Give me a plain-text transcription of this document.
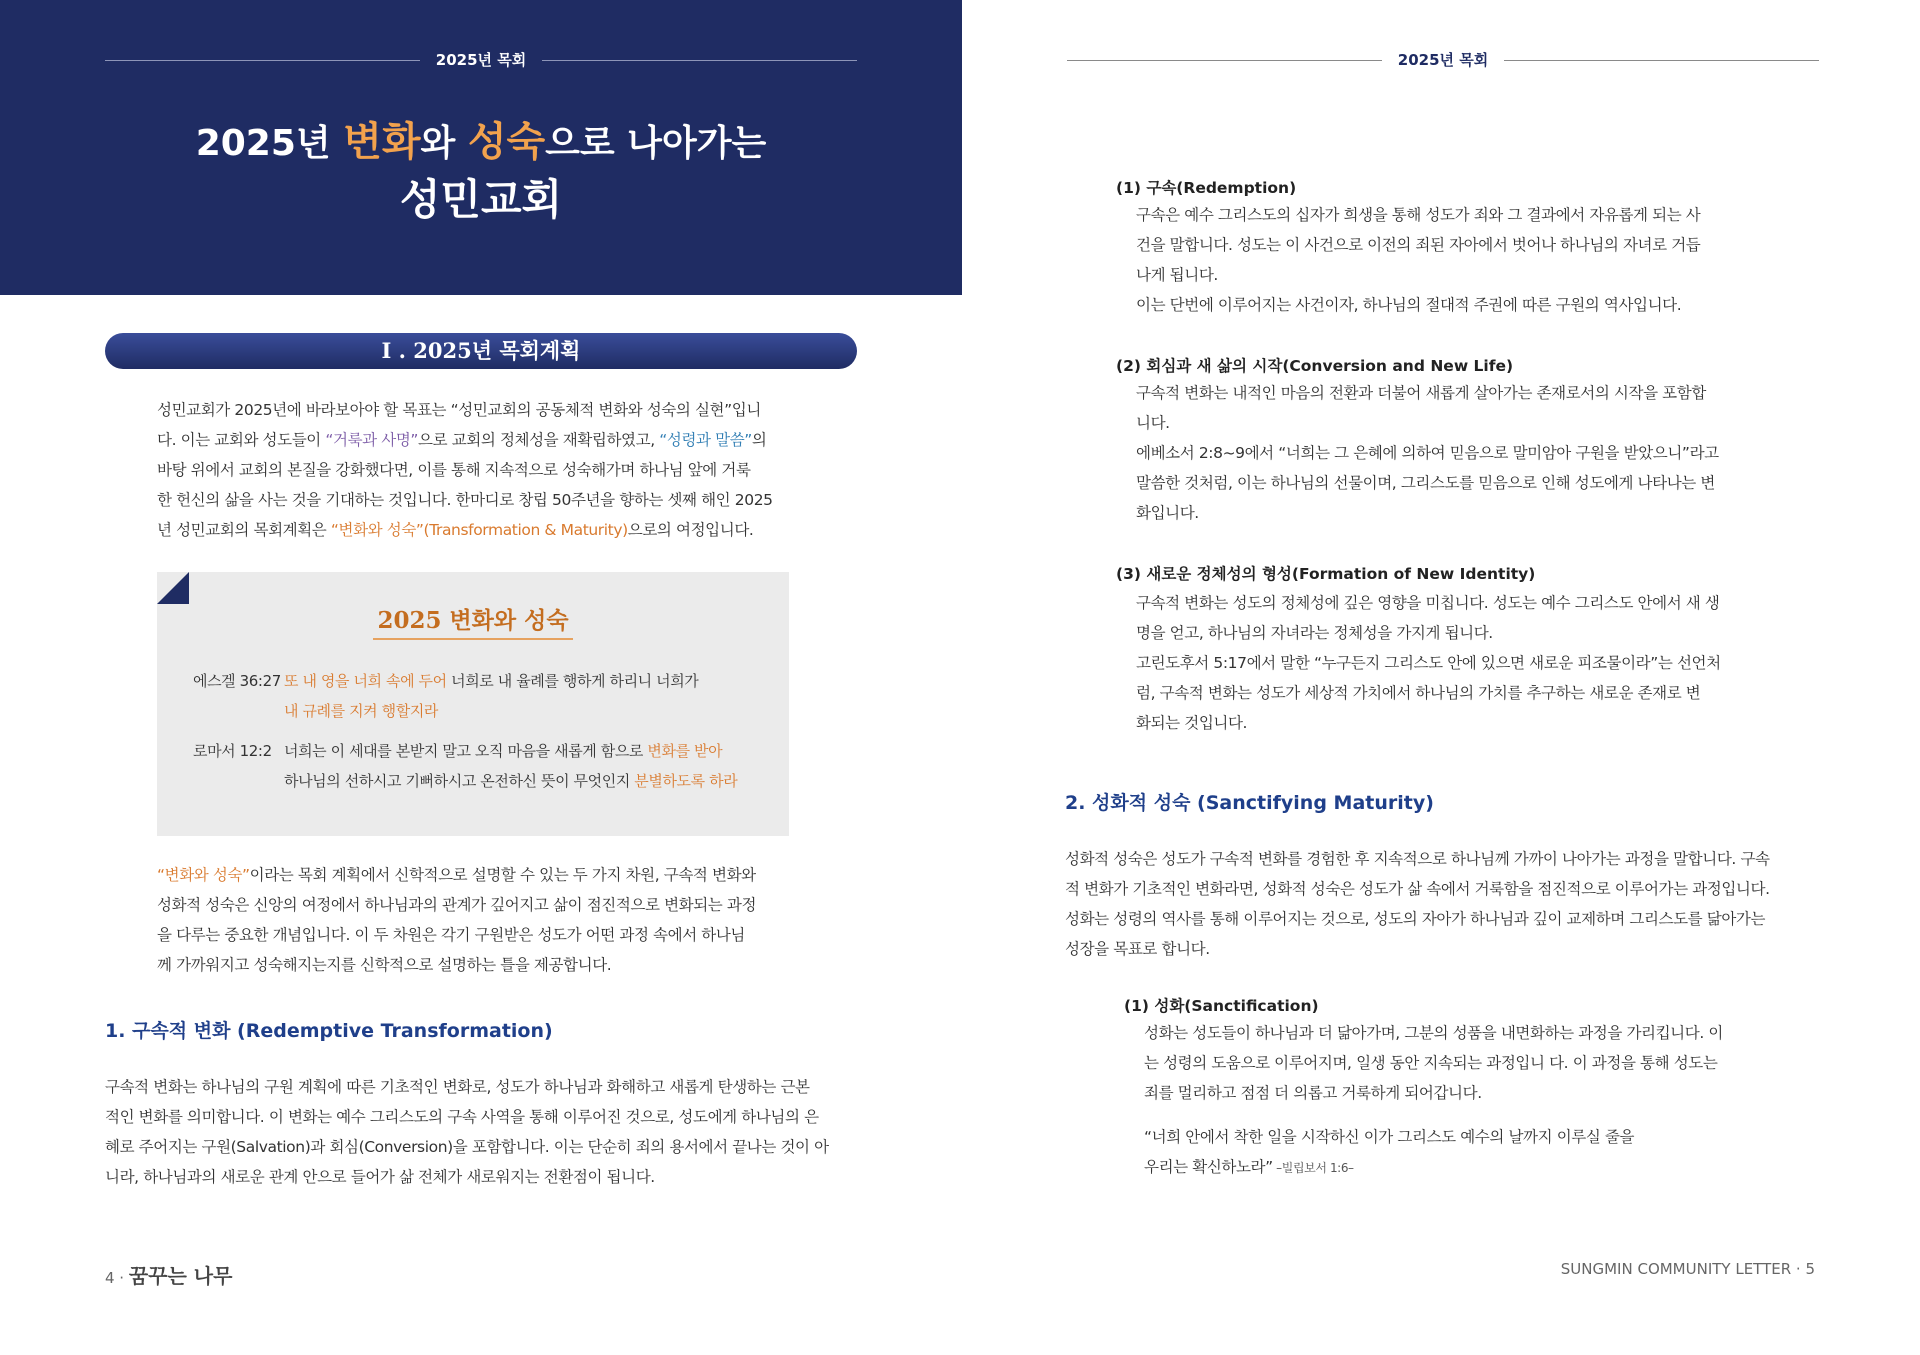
2025년 목회
2025년 변화와 성숙으로 나아가는
성민교회
I . 2025년 목회계획

성민교회가 2025년에 바라보아야 할 목표는 “성민교회의 공동체적 변화와 성숙의 실현”입니

다. 이는 교회와 성도들이 “거룩과 사명”으로 교회의 정체성을 재확립하였고, “성령과 말씀”의

바탕 위에서 교회의 본질을 강화했다면, 이를 통해 지속적으로 성숙해가며 하나님 앞에 거룩

한 헌신의 삶을 사는 것을 기대하는 것입니다. 한마디로 창립 50주년을 향하는 셋째 해인 2025

년 성민교회의 목회계획은 “변화와 성숙”(Transformation & Maturity)으로의 여정입니다.

2025 변화와 성숙
에스겔 36:27 또 내 영을 너희 속에 두어 너희로 내 율례를 행하게 하리니 너희가
내 규례를 지켜 행할지라
로마서 12:2 너희는 이 세대를 본받지 말고 오직 마음을 새롭게 함으로 변화를 받아
하나님의 선하시고 기뻐하시고 온전하신 뜻이 무엇인지 분별하도록 하라

“변화와 성숙”이라는 목회 계획에서 신학적으로 설명할 수 있는 두 가지 차원, 구속적 변화와

성화적 성숙은 신앙의 여정에서 하나님과의 관계가 깊어지고 삶이 점진적으로 변화되는 과정

을 다루는 중요한 개념입니다. 이 두 차원은 각기 구원받은 성도가 어떤 과정 속에서 하나님

께 가까워지고 성숙해지는지를 신학적으로 설명하는 틀을 제공합니다.

1. 구속적 변화 (Redemptive Transformation)

구속적 변화는 하나님의 구원 계획에 따른 기초적인 변화로, 성도가 하나님과 화해하고 새롭게 탄생하는 근본

적인 변화를 의미합니다. 이 변화는 예수 그리스도의 구속 사역을 통해 이루어진 것으로, 성도에게 하나님의 은

혜로 주어지는 구원(Salvation)과 회심(Conversion)을 포함합니다. 이는 단순히 죄의 용서에서 끝나는 것이 아

니라, 하나님과의 새로운 관계 안으로 들어가 삶 전체가 새로워지는 전환점이 됩니다.

4 · 꿈꾸는 나무
2025년 목회
(1) 구속(Redemption)

구속은 예수 그리스도의 십자가 희생을 통해 성도가 죄와 그 결과에서 자유롭게 되는 사

건을 말합니다. 성도는 이 사건으로 이전의 죄된 자아에서 벗어나 하나님의 자녀로 거듭

나게 됩니다.

이는 단번에 이루어지는 사건이자, 하나님의 절대적 주권에 따른 구원의 역사입니다.

(2) 회심과 새 삶의 시작(Conversion and New Life)

구속적 변화는 내적인 마음의 전환과 더불어 새롭게 살아가는 존재로서의 시작을 포함합

니다.

에베소서 2:8~9에서 “너희는 그 은혜에 의하여 믿음으로 말미암아 구원을 받았으니”라고

말씀한 것처럼, 이는 하나님의 선물이며, 그리스도를 믿음으로 인해 성도에게 나타나는 변

화입니다.

(3) 새로운 정체성의 형성(Formation of New Identity)

구속적 변화는 성도의 정체성에 깊은 영향을 미칩니다. 성도는 예수 그리스도 안에서 새 생

명을 얻고, 하나님의 자녀라는 정체성을 가지게 됩니다.

고린도후서 5:17에서 말한 “누구든지 그리스도 안에 있으면 새로운 피조물이라”는 선언처

럼, 구속적 변화는 성도가 세상적 가치에서 하나님의 가치를 추구하는 새로운 존재로 변

화되는 것입니다.

2. 성화적 성숙 (Sanctifying Maturity)

성화적 성숙은 성도가 구속적 변화를 경험한 후 지속적으로 하나님께 가까이 나아가는 과정을 말합니다. 구속

적 변화가 기초적인 변화라면, 성화적 성숙은 성도가 삶 속에서 거룩함을 점진적으로 이루어가는 과정입니다.

성화는 성령의 역사를 통해 이루어지는 것으로, 성도의 자아가 하나님과 깊이 교제하며 그리스도를 닮아가는

성장을 목표로 합니다.

(1) 성화(Sanctification)

성화는 성도들이 하나님과 더 닮아가며, 그분의 성품을 내면화하는 과정을 가리킵니다. 이

는 성령의 도움으로 이루어지며, 일생 동안 지속되는 과정입니 다. 이 과정을 통해 성도는

죄를 멀리하고 점점 더 의롭고 거룩하게 되어갑니다.

“너희 안에서 착한 일을 시작하신 이가 그리스도 예수의 날까지 이루실 줄을

우리는 확신하노라” –빌립보서 1:6–

SUNGMIN COMMUNITY LETTER · 5
